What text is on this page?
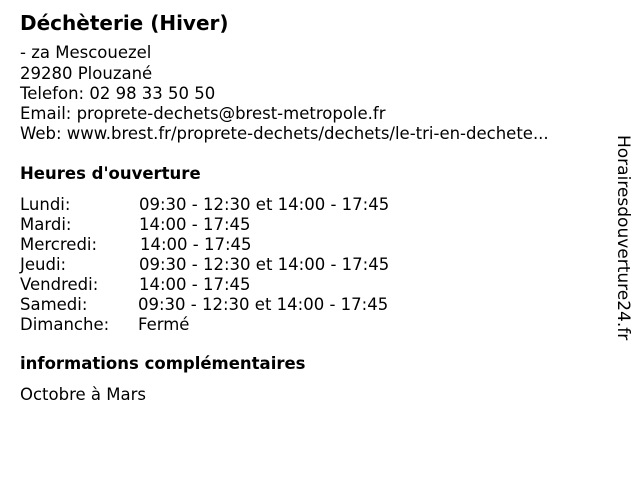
Déchèterie (Hiver)
- za Mescouezel
29280 Plouzané
Telefon: 02 98 33 50 50
Email: proprete-dechets@brest-metropole.fr
Web: www.brest.fr/proprete-dechets/dechets/le-tri-en-dechete...
Heures d'ouverture
Lundi:	09:30 - 12:30 et 14:00 - 17:45
Mardi:	14:00 - 17:45
Mercredi:	14:00 - 17:45
Jeudi:	09:30 - 12:30 et 14:00 - 17:45
Vendredi: 14:00 - 17:45
Samedi:	09:30 - 12:30 et 14:00 - 17:45
Dimanche: Fermé
informations complémentaires
Octobre à Mars
Horairesdouverture24.fr
